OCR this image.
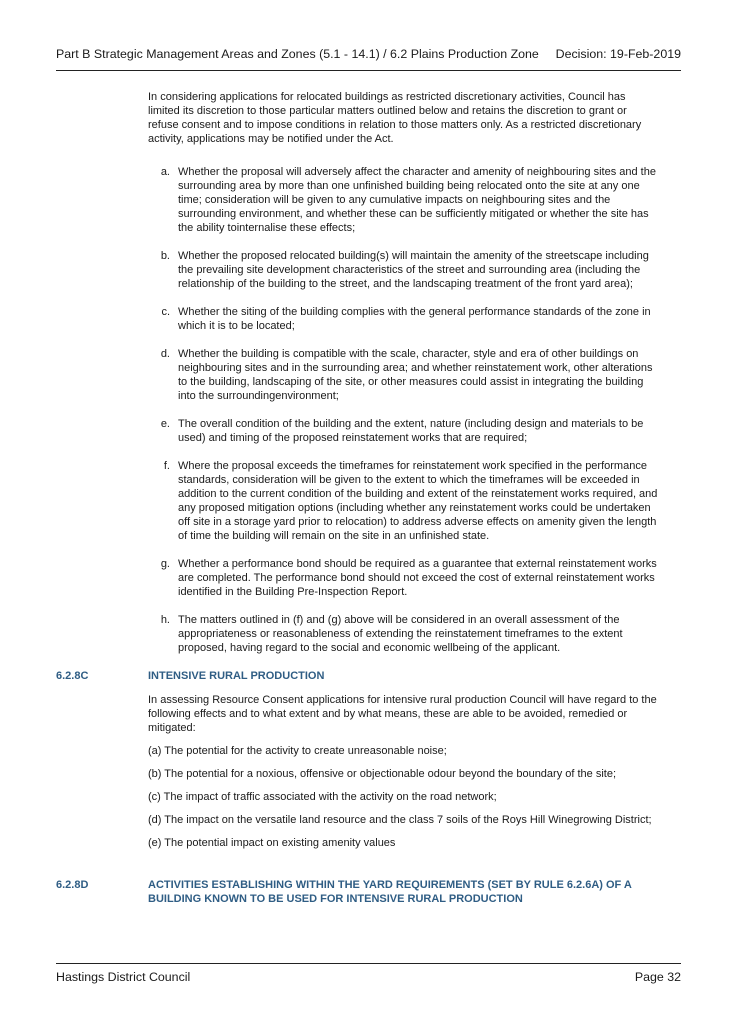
Part B Strategic Management Areas and Zones (5.1 - 14.1) / 6.2 Plains Production Zone Decision: 19-Feb-2019

In considering applications for relocated buildings as restricted discretionary activities, Council has limited its discretion to those particular matters outlined below and retains the discretion to grant or refuse consent and to impose conditions in relation to those matters only. As a restricted discretionary activity, applications may be notified under the Act.

a. Whether the proposal will adversely affect the character and amenity of neighbouring sites and the surrounding area by more than one unfinished building being relocated onto the site at any one time; consideration will be given to any cumulative impacts on neighbouring sites and the surrounding environment, and whether these can be sufficiently mitigated or whether the site has the ability tointernalise these effects;
b. Whether the proposed relocated building(s) will maintain the amenity of the streetscape including the prevailing site development characteristics of the street and surrounding area (including the relationship of the building to the street, and the landscaping treatment of the front yard area);
c. Whether the siting of the building complies with the general performance standards of the zone in which it is to be located;
d. Whether the building is compatible with the scale, character, style and era of other buildings on neighbouring sites and in the surrounding area; and whether reinstatement work, other alterations to the building, landscaping of the site, or other measures could assist in integrating the building into the surroundingenvironment;
e. The overall condition of the building and the extent, nature (including design and materials to be used) and timing of the proposed reinstatement works that are required;
f. Where the proposal exceeds the timeframes for reinstatement work specified in the performance standards, consideration will be given to the extent to which the timeframes will be exceeded in addition to the current condition of the building and extent of the reinstatement works required, and any proposed mitigation options (including whether any reinstatement works could be undertaken off site in a storage yard prior to relocation) to address adverse effects on amenity given the length of time the building will remain on the site in an unfinished state.
g. Whether a performance bond should be required as a guarantee that external reinstatement works are completed. The performance bond should not exceed the cost of external reinstatement works identified in the Building Pre-Inspection Report.
h. The matters outlined in (f) and (g) above will be considered in an overall assessment of the appropriateness or reasonableness of extending the reinstatement timeframes to the extent proposed, having regard to the social and economic wellbeing of the applicant.
6.2.8C	INTENSIVE RURAL PRODUCTION

In assessing Resource Consent applications for intensive rural production Council will have regard to the following effects and to what extent and by what means, these are able to be avoided, remedied or mitigated:

(a) The potential for the activity to create unreasonable noise;

(b) The potential for a noxious, offensive or objectionable odour beyond the boundary of the site;

(c) The impact of traffic associated with the activity on the road network;

(d) The impact on the versatile land resource and the class 7 soils of the Roys Hill Winegrowing District;

(e) The potential impact on existing amenity values

6.2.8D	ACTIVITIES ESTABLISHING WITHIN THE YARD REQUIREMENTS (SET BY RULE 6.2.6A) OF A BUILDING KNOWN TO BE USED FOR INTENSIVE RURAL PRODUCTION
Hastings District Council	Page 32
